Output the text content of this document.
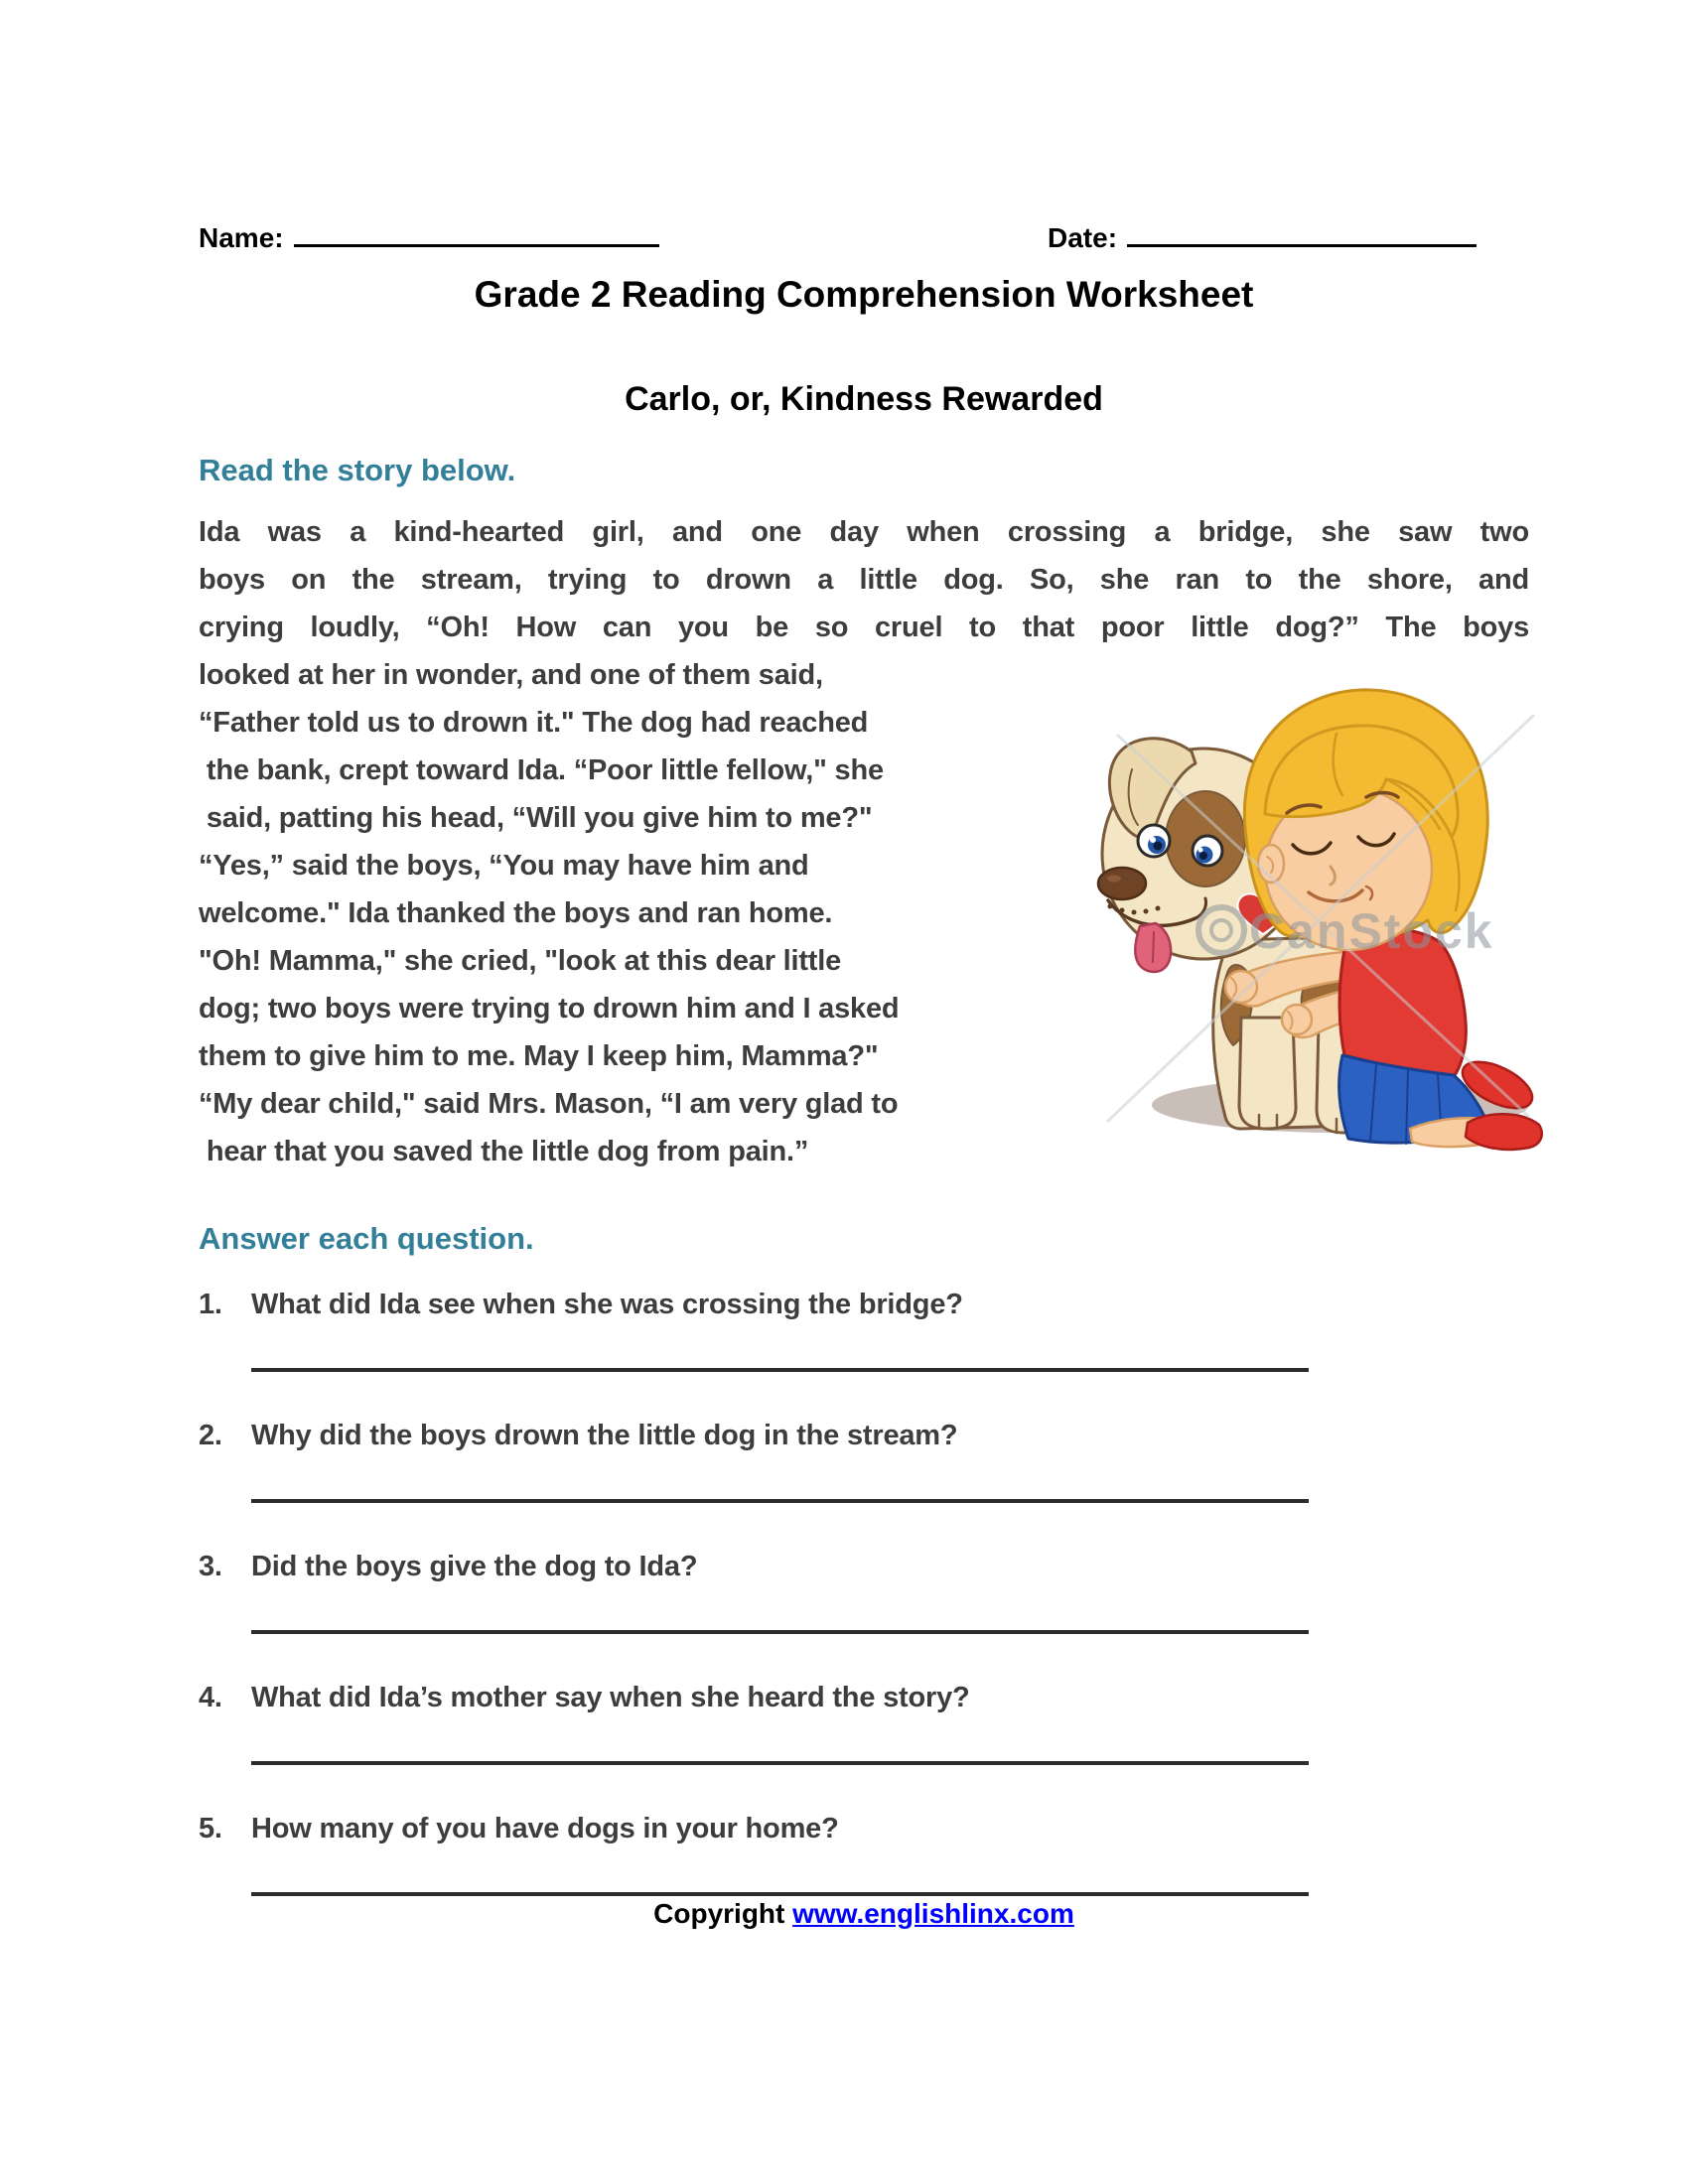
Name:	Date:
Grade 2 Reading Comprehension Worksheet
Carlo, or, Kindness Rewarded
Read the story below.
Ida was a kind-hearted girl, and one day when crossing a bridge, she saw two
boys on the stream, trying to drown a little dog. So, she ran to the shore, and
crying loudly, “Oh! How can you be so cruel to that poor little dog?” The boys
looked at her in wonder, and one of them said,
“Father told us to drown it." The dog had reached
the bank, crept toward Ida. “Poor little fellow," she
said, patting his head, “Will you give him to me?"
“Yes,” said the boys, “You may have him and
welcome." Ida thanked the boys and ran home.
"Oh! Mamma," she cried, "look at this dear little
dog; two boys were trying to drown him and I asked
them to give him to me. May I keep him, Mamma?"
“My dear child," said Mrs. Mason, “I am very glad to
hear that you saved the little dog from pain.”
CanStock
Answer each question.
1.	What did Ida see when she was crossing the bridge?
2.	Why did the boys drown the little dog in the stream?
3.	Did the boys give the dog to Ida?
4.	What did Ida’s mother say when she heard the story?
5.	How many of you have dogs in your home?
Copyright www.englishlinx.com
